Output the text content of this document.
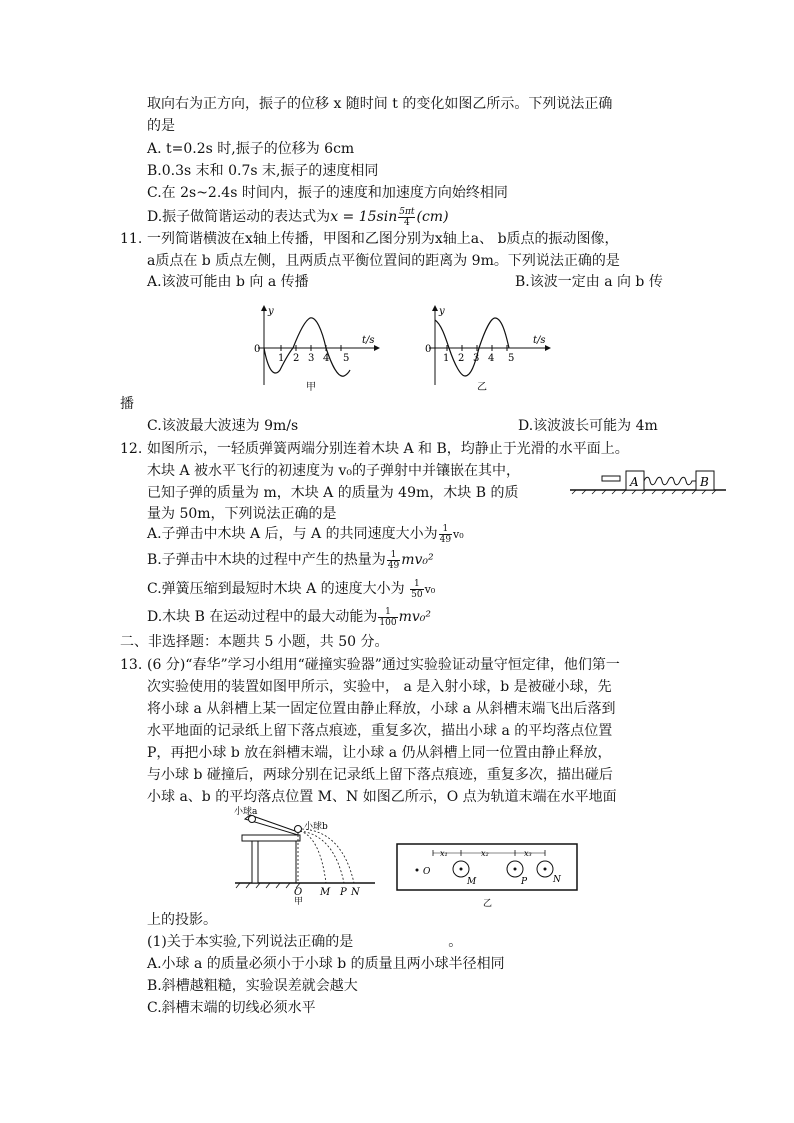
取向右为正方向，振子的位移 x 随时间 t 的变化如图乙所示。下列说法正确
的是
A. t=0.2s 时,振子的位移为 6cm
B.0.3s 末和 0.7s 末,振子的速度相同
C.在 2s~2.4s 时间内，振子的速度和加速度方向始终相同
D.振子做简谐运动的表达式为$x = 15\sin \frac{5\pi t}{4} (cm)$
11. 一列简谐横波在x轴上传播，甲图和乙图分别为x轴上a、 b质点的振动图像，
a质点在 b 质点左侧，且两质点平衡位置间的距离为 9m。下列说法正确的是
A.该波可能由 b 向 a 传播	B.该波一定由 a 向 b 传
y
t/s
0
1 2 3 4 5
甲
y
t/s
0
1 2 3 4 5
乙
播
C.该波最大波速为 9m/s	D.该波波长可能为 4m
12. 如图所示，一轻质弹簧两端分别连着木块 A 和 B，均静止于光滑的水平面上。
木块 A 被水平飞行的初速度为 v₀的子弹射中并镶嵌在其中，
已知子弹的质量为 m，木块 A 的质量为 49m，木块 B 的质
量为 50m，下列说法正确的是
A	B
A.子弹击中木块 A 后，与 A 的共同速度大小为 $\frac{1}{49} v_0$
B.子弹击中木块的过程中产生的热量为 $\frac{1}{49} mv_0^2$
C.弹簧压缩到最短时木块 A 的速度大小为 $\frac{1}{50} v_0$
D.木块 B 在运动过程中的最大动能为 $\frac{1}{100} mv_0^2$
二、非选择题：本题共 5 小题，共 50 分。
13. (6 分)“春华”学习小组用“碰撞实验器”通过实验验证动量守恒定律，他们第一
次实验使用的装置如图甲所示，实验中， a 是入射小球，b 是被碰小球，先
将小球 a 从斜槽上某一固定位置由静止释放，小球 a 从斜槽末端飞出后落到
水平地面的记录纸上留下落点痕迹，重复多次，描出小球 a 的平均落点位置
P，再把小球 b 放在斜槽末端，让小球 a 仍从斜槽上同一位置由静止释放，
与小球 b 碰撞后，两球分别在记录纸上留下落点痕迹，重复多次，描出碰后
小球 a、b 的平均落点位置 M、N 如图乙所示，O 点为轨道末端在水平地面
小球a
小球b
O M P N
甲
x₁	x₂	x₃
O
M	P	N
乙
上的投影。
(1)关于本实验,下列说法正确的是	。
A.小球 a 的质量必须小于小球 b 的质量且两小球半径相同
B.斜槽越粗糙，实验误差就会越大
C.斜槽末端的切线必须水平
